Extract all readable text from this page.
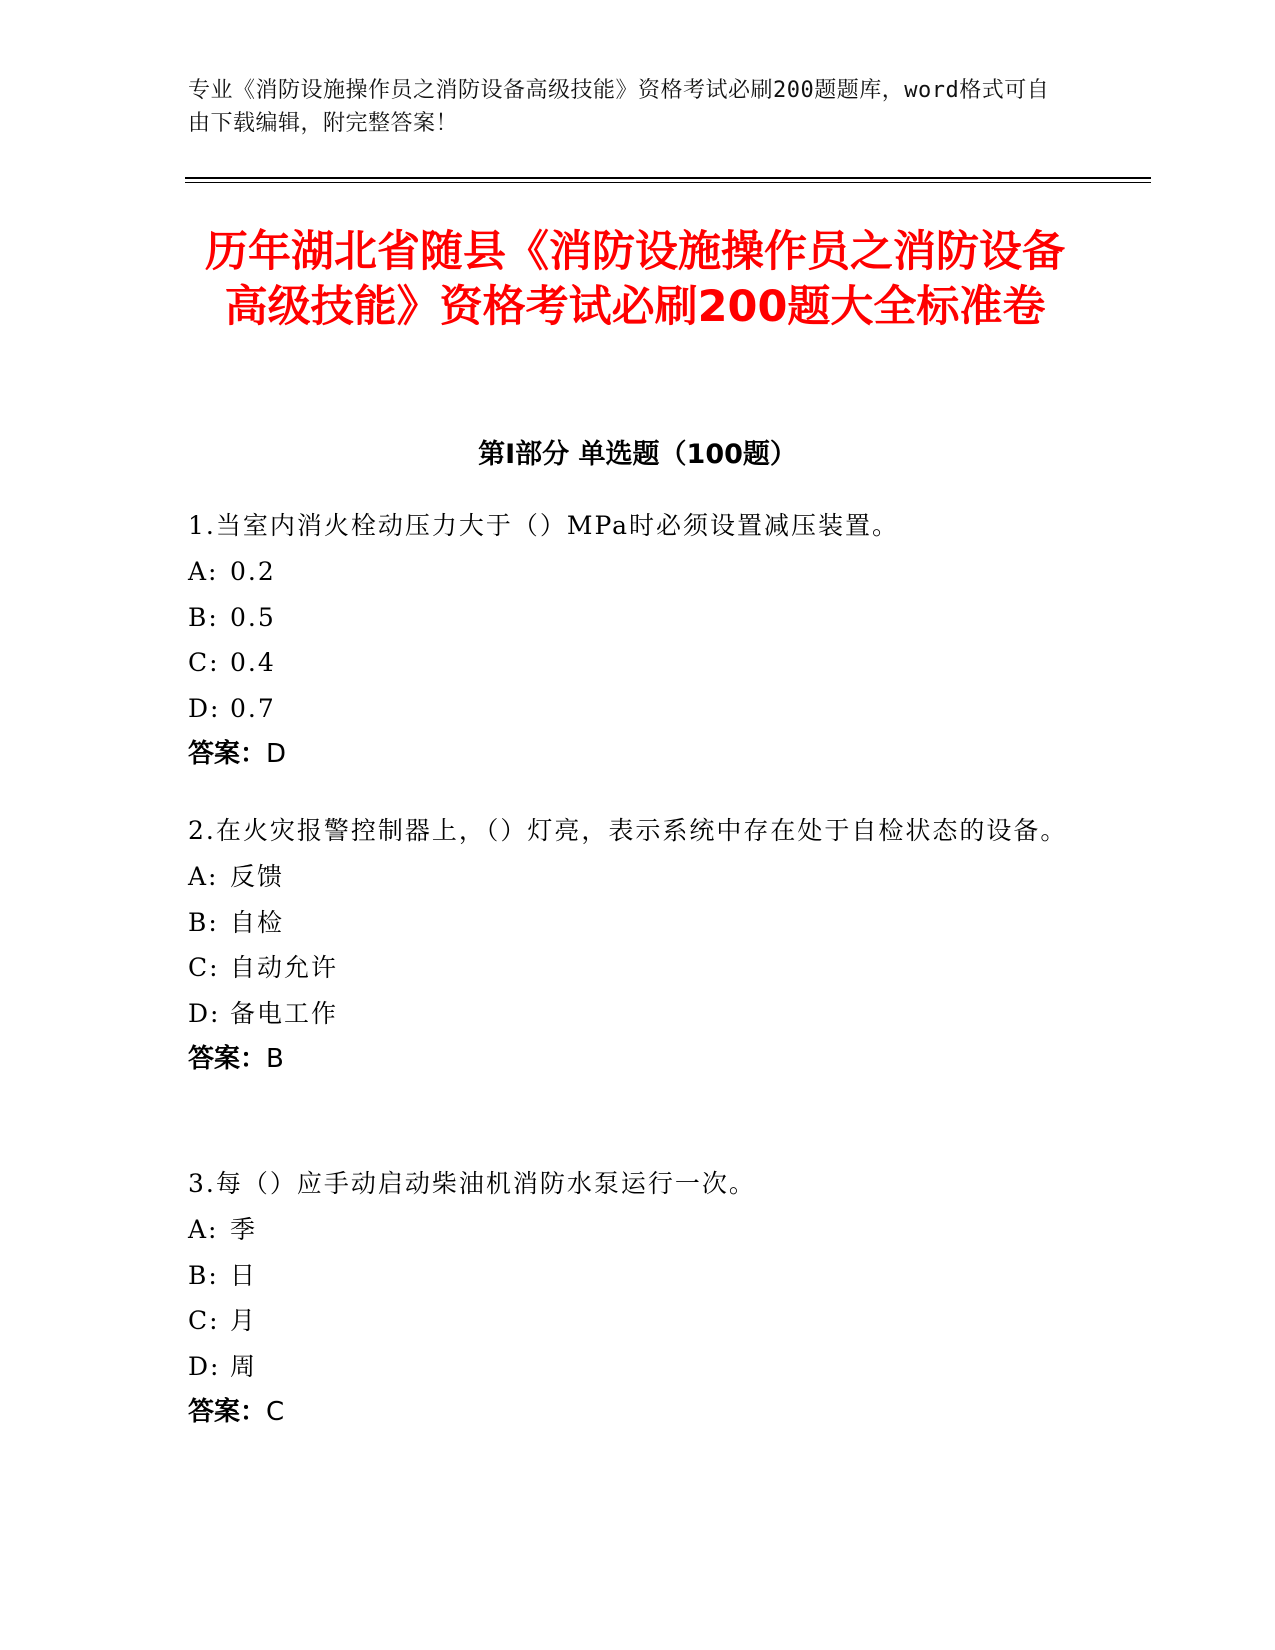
专业《消防设施操作员之消防设备高级技能》资格考试必刷200题题库，word格式可自由下载编辑，附完整答案！
历年湖北省随县《消防设施操作员之消防设备高级技能》资格考试必刷200题大全标准卷
第I部分 单选题（100题）

1.当室内消火栓动压力大于（）MPa时必须设置减压装置。

A: 0.2

B: 0.5

C: 0.4

D: 0.7

答案：D

2.在火灾报警控制器上，（）灯亮，表示系统中存在处于自检状态的设备。

A: 反馈

B: 自检

C: 自动允许

D: 备电工作

答案：B

3.每（）应手动启动柴油机消防水泵运行一次。

A: 季

B: 日

C: 月

D: 周

答案：C
